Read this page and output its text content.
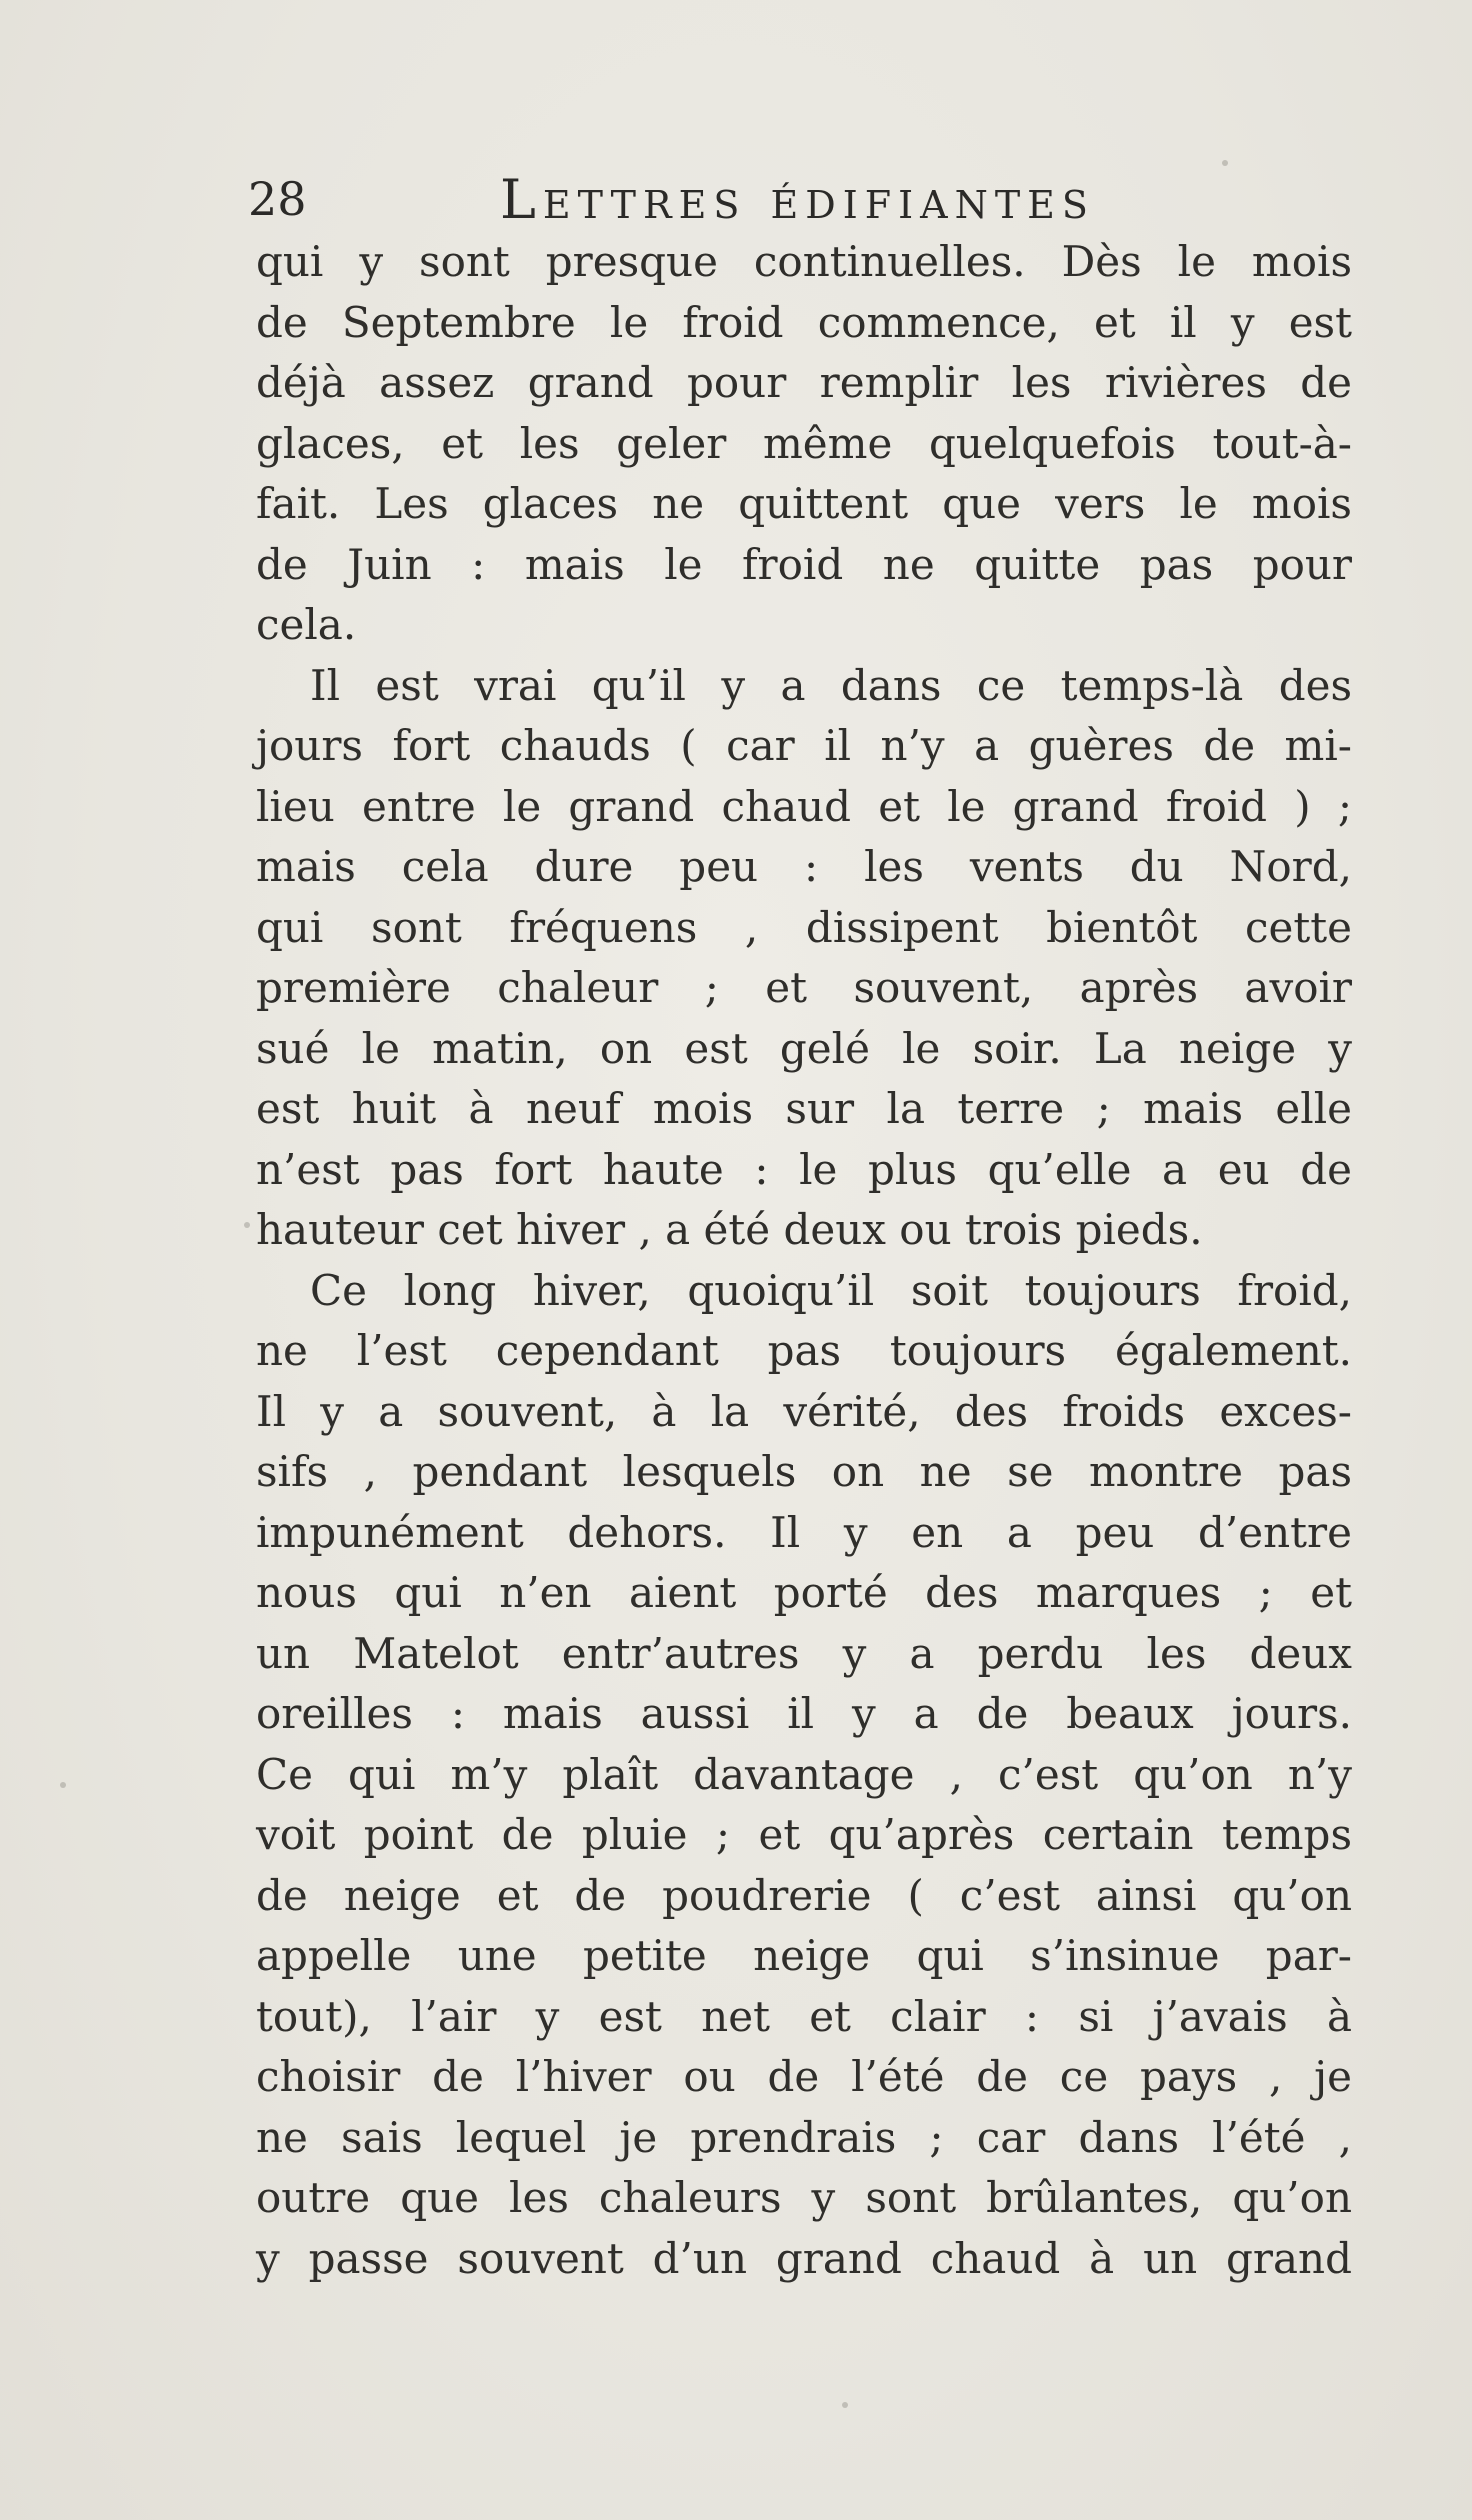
28	Lettres édifiantes
qui y sont presque continuelles. Dès le mois
de Septembre le froid commence, et il y est
déjà assez grand pour remplir les rivières de
glaces, et les geler même quelquefois tout-à-
fait. Les glaces ne quittent que vers le mois
de Juin : mais le froid ne quitte pas pour
cela.
Il est vrai qu’il y a dans ce temps-là des
jours fort chauds ( car il n’y a guères de mi-
lieu entre le grand chaud et le grand froid ) ;
mais cela dure peu : les vents du Nord,
qui sont fréquens , dissipent bientôt cette
première chaleur ; et souvent, après avoir
sué le matin, on est gelé le soir. La neige y
est huit à neuf mois sur la terre ; mais elle
n’est pas fort haute : le plus qu’elle a eu de
hauteur cet hiver , a été deux ou trois pieds.
Ce long hiver, quoiqu’il soit toujours froid,
ne l’est cependant pas toujours également.
Il y a souvent, à la vérité, des froids exces-
sifs , pendant lesquels on ne se montre pas
impunément dehors. Il y en a peu d’entre
nous qui n’en aient porté des marques ; et
un Matelot entr’autres y a perdu les deux
oreilles : mais aussi il y a de beaux jours.
Ce qui m’y plaît davantage , c’est qu’on n’y
voit point de pluie ; et qu’après certain temps
de neige et de poudrerie ( c’est ainsi qu’on
appelle une petite neige qui s’insinue par-
tout), l’air y est net et clair : si j’avais à
choisir de l’hiver ou de l’été de ce pays , je
ne sais lequel je prendrais ; car dans l’été ,
outre que les chaleurs y sont brûlantes, qu’on
y passe souvent d’un grand chaud à un grand
